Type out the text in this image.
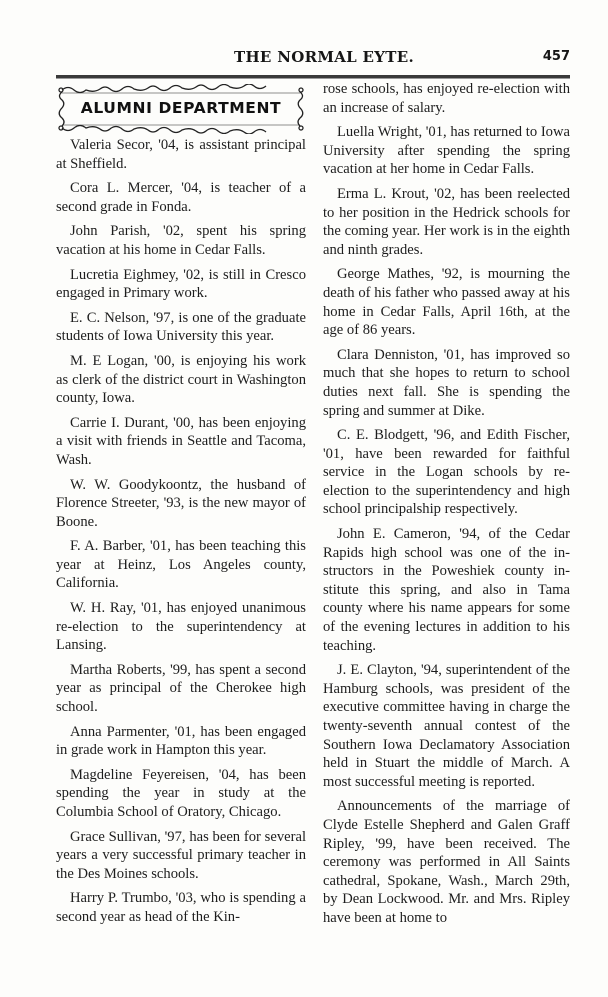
THE NORMAL EYTE.	457
ALUMNI DEPARTMENT

Valeria Secor, '04, is assistant principal at Sheffield.

Cora L. Mercer, '04, is teacher of a second grade in Fonda.

John Parish, '02, spent his spring vacation at his home in Cedar Falls.

Lucretia Eighmey, '02, is still in Cresco engaged in Primary work.

E. C. Nelson, '97, is one of the graduate students of Iowa University this year.

M. E Logan, '00, is enjoying his work as clerk of the district court in Washington county, Iowa.

Carrie I. Durant, '00, has been enjoying a visit with friends in Seattle and Tacoma, Wash.

W. W. Goodykoontz, the husband of Florence Streeter, '93, is the new mayor of Boone.

F. A. Barber, '01, has been teaching this year at Heinz, Los Angeles county, California.

W. H. Ray, '01, has enjoyed unanimous re-election to the superintendency at Lansing.

Martha Roberts, '99, has spent a second year as principal of the Cherokee high school.

Anna Parmenter, '01, has been engaged in grade work in Hampton this year.

Magdeline Feyereisen, '04, has been spending the year in study at the Columbia School of Oratory, Chicago.

Grace Sullivan, '97, has been for several years a very successful primary teacher in the Des Moines schools.

Harry P. Trumbo, '03, who is spending a second year as head of the Kin-

rose schools, has enjoyed re-election with an increase of salary.

Luella Wright, '01, has returned to Iowa University after spending the spring vacation at her home in Cedar Falls.

Erma L. Krout, '02, has been reelected to her position in the Hedrick schools for the coming year. Her work is in the eighth and ninth grades.

George Mathes, '92, is mourning the death of his father who passed away at his home in Cedar Falls, April 16th, at the age of 86 years.

Clara Denniston, '01, has improved so much that she hopes to return to school duties next fall. She is spending the spring and summer at Dike.

C. E. Blodgett, '96, and Edith Fischer, '01, have been rewarded for faithful service in the Logan schools by re-election to the superintendency and high school principalship respectively.

John E. Cameron, '94, of the Cedar Rapids high school was one of the instructors in the Poweshiek county institute this spring, and also in Tama county where his name appears for some of the evening lectures in addition to his teaching.

J. E. Clayton, '94, superintendent of the Hamburg schools, was president of the executive committee having in charge the twenty-seventh annual contest of the Southern Iowa Declamatory Association held in Stuart the middle of March. A most successful meeting is reported.

Announcements of the marriage of Clyde Estelle Shepherd and Galen Graff Ripley, '99, have been received. The ceremony was performed in All Saints cathedral, Spokane, Wash., March 29th, by Dean Lockwood. Mr. and Mrs. Ripley have been at home to
